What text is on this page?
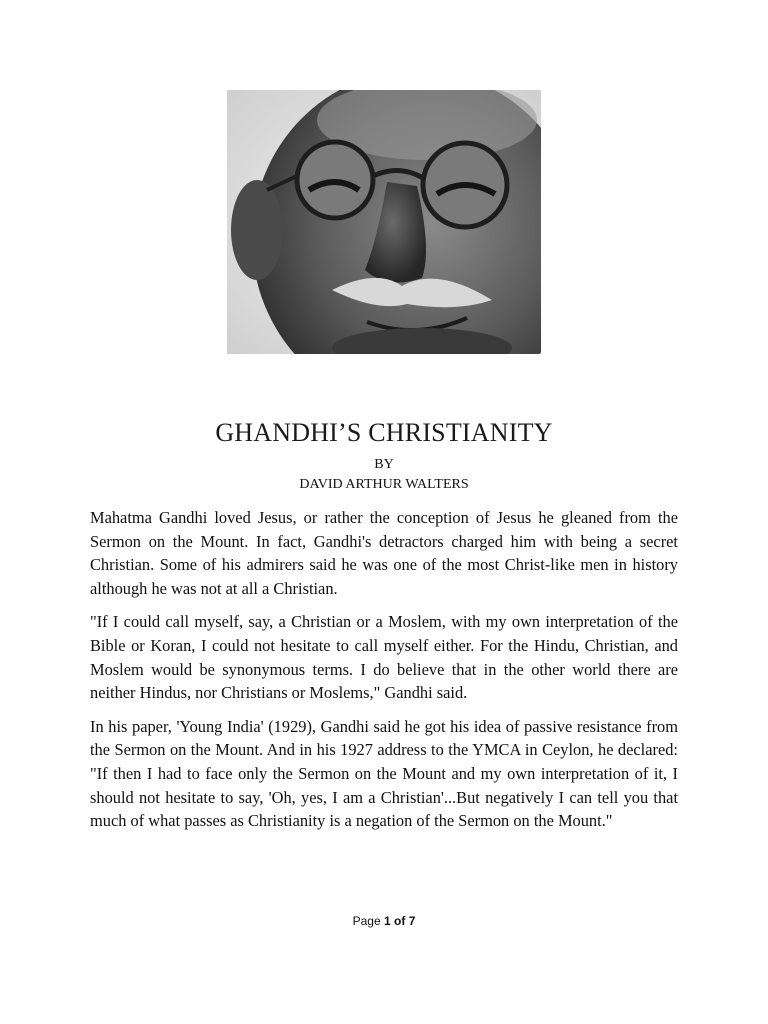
GHANDHI’S CHRISTIANITY
BY
DAVID ARTHUR WALTERS

Mahatma Gandhi loved Jesus, or rather the conception of Jesus he gleaned from the Sermon on the Mount. In fact, Gandhi's detractors charged him with being a secret Christian. Some of his admirers said he was one of the most Christ-like men in history although he was not at all a Christian.

"If I could call myself, say, a Christian or a Moslem, with my own interpretation of the Bible or Koran, I could not hesitate to call myself either. For the Hindu, Christian, and Moslem would be synonymous terms. I do believe that in the other world there are neither Hindus, nor Christians or Moslems," Gandhi said.

In his paper, 'Young India' (1929), Gandhi said he got his idea of passive resistance from the Sermon on the Mount. And in his 1927 address to the YMCA in Ceylon, he declared: "If then I had to face only the Sermon on the Mount and my own interpretation of it, I should not hesitate to say, 'Oh, yes, I am a Christian'...But negatively I can tell you that much of what passes as Christianity is a negation of the Sermon on the Mount."

Page 1 of 7
